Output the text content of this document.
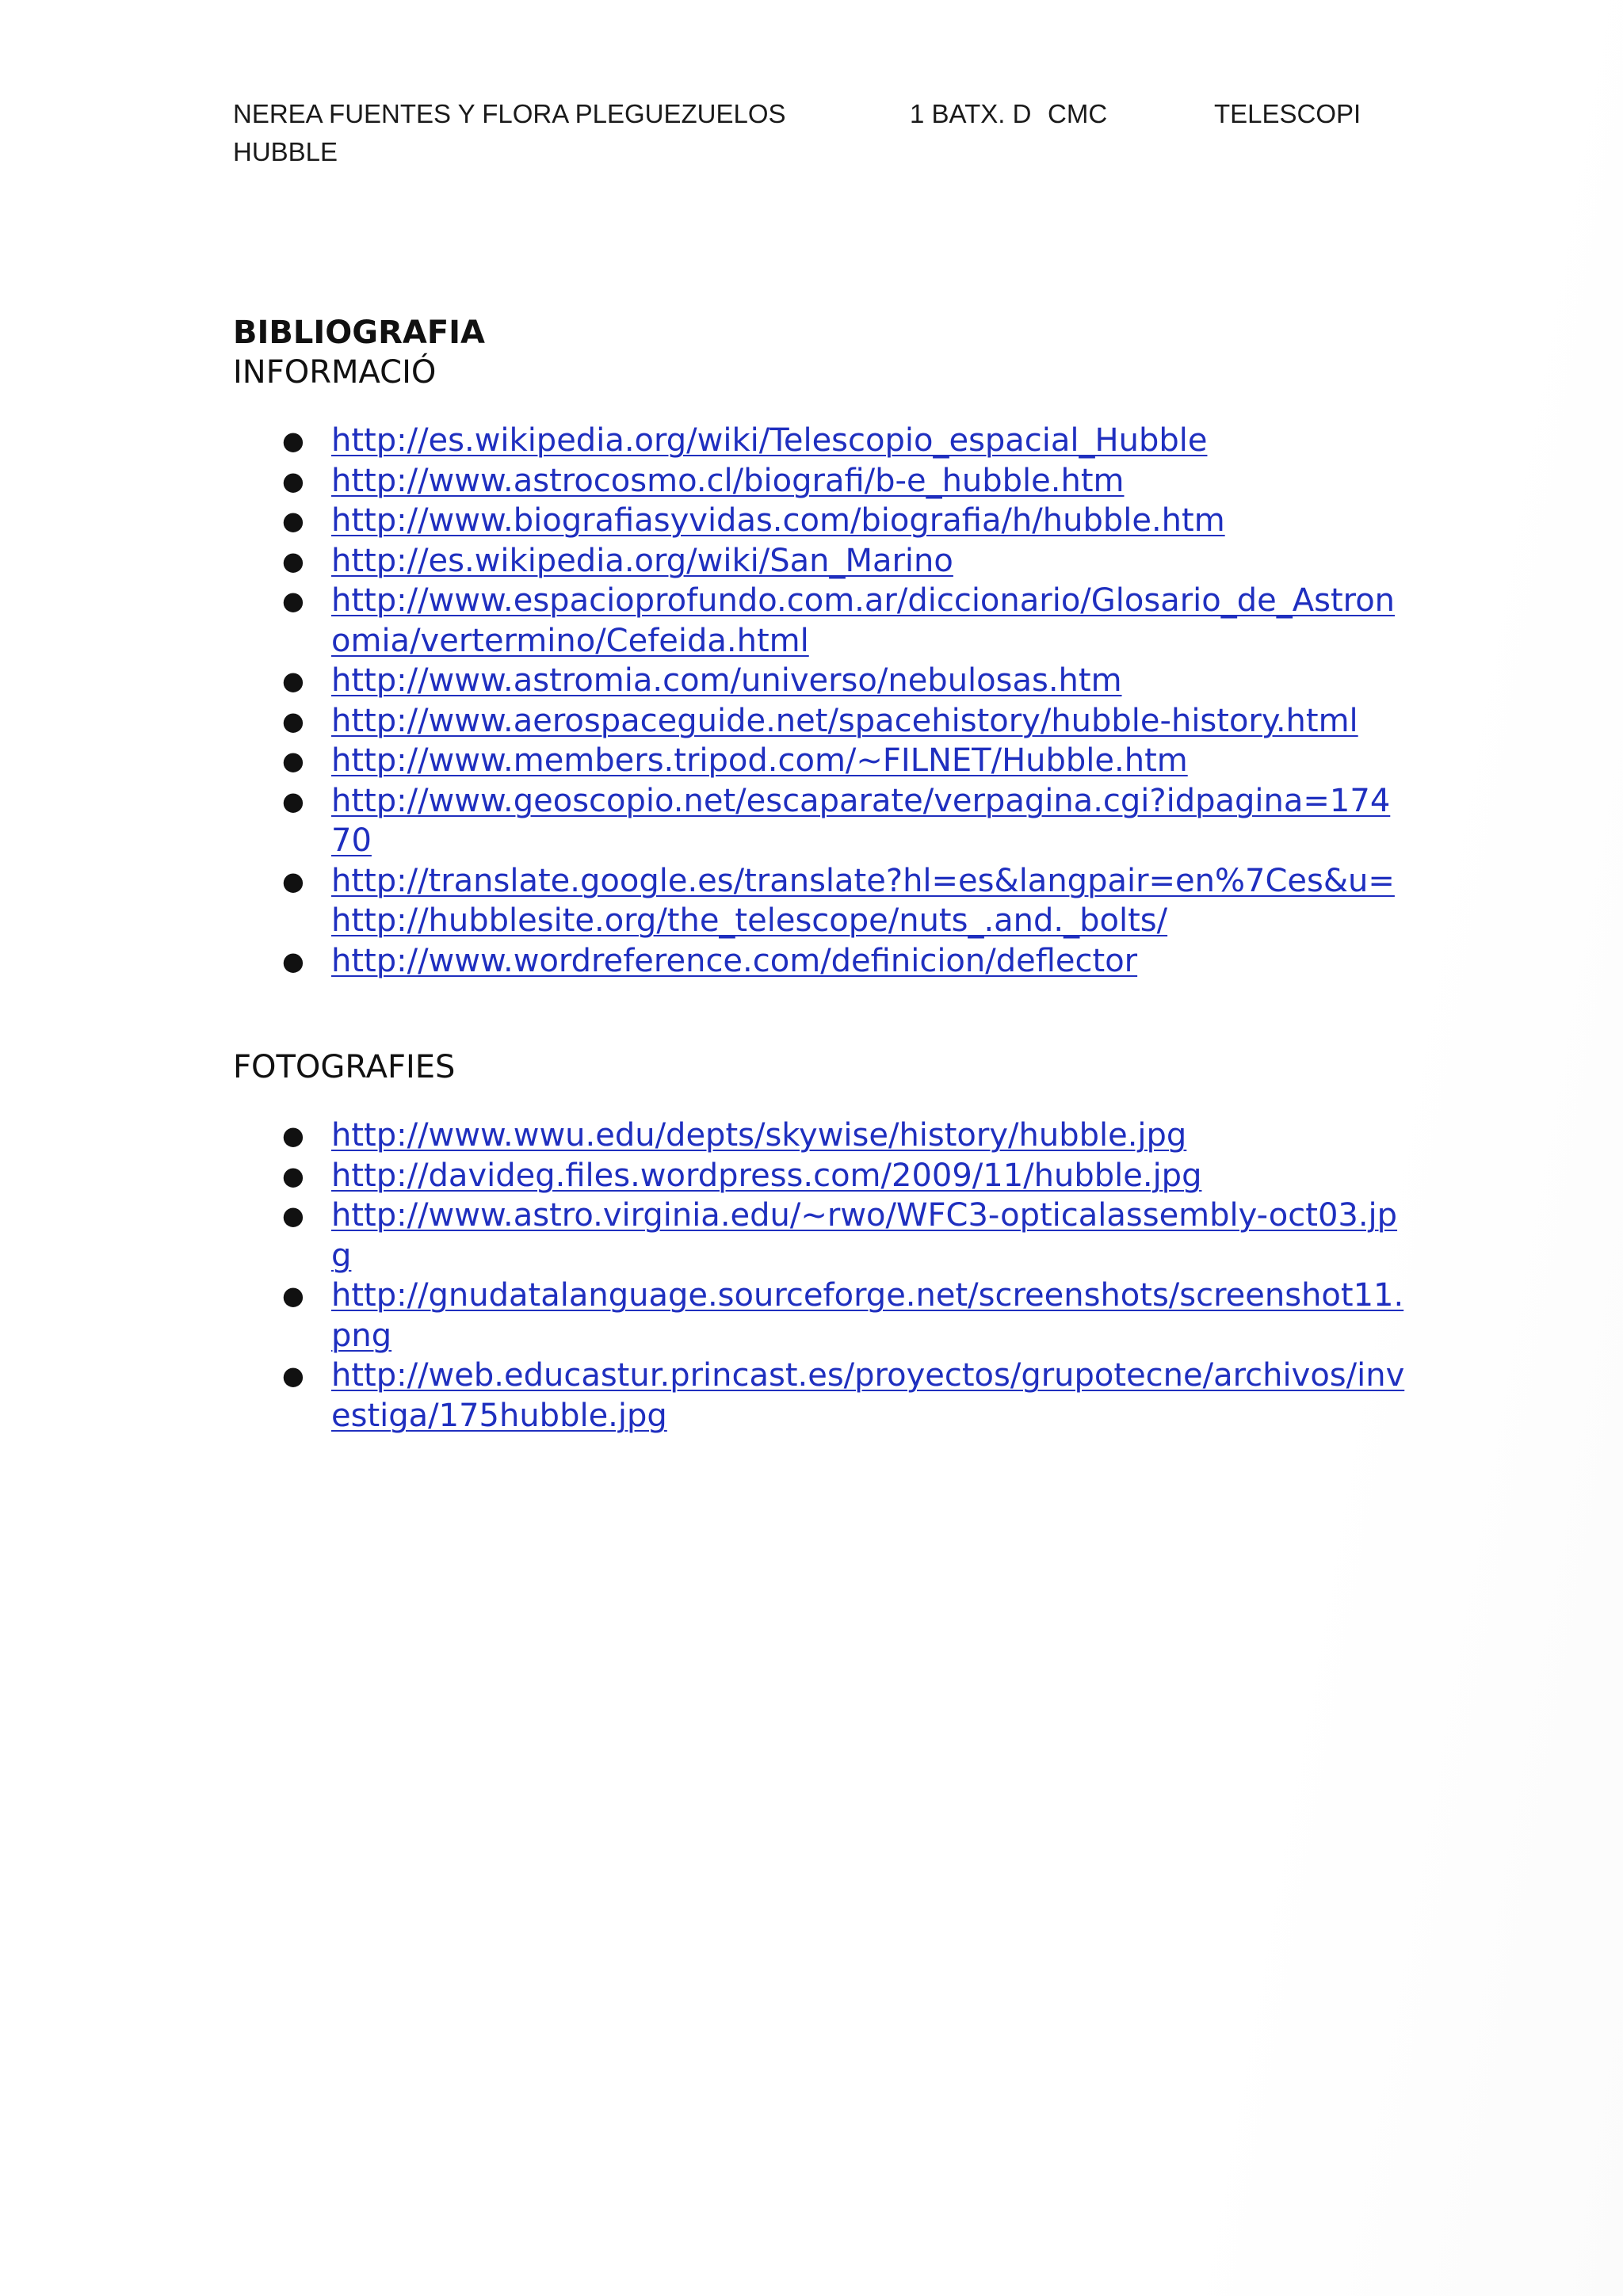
NEREA FUENTES Y FLORA PLEGUEZUELOS	1 BATX. D CMC	TELESCOPI
HUBBLE
BIBLIOGRAFIA
INFORMACIÓ
● http://es.wikipedia.org/wiki/Telescopio_espacial_Hubble
● http://www.astrocosmo.cl/biografi/b-e_hubble.htm
● http://www.biografiasyvidas.com/biografia/h/hubble.htm
● http://es.wikipedia.org/wiki/San_Marino
● http://www.espacioprofundo.com.ar/diccionario/Glosario_de_Astronomia/vertermino/Cefeida.html
● http://www.astromia.com/universo/nebulosas.htm
● http://www.aerospaceguide.net/spacehistory/hubble-history.html
● http://www.members.tripod.com/~FILNET/Hubble.htm
● http://www.geoscopio.net/escaparate/verpagina.cgi?idpagina=17470
● http://translate.google.es/translate?hl=es&langpair=en%7Ces&u=http://hubblesite.org/the_telescope/nuts_.and._bolts/
● http://www.wordreference.com/definicion/deflector
FOTOGRAFIES
● http://www.wwu.edu/depts/skywise/history/hubble.jpg
● http://davideg.files.wordpress.com/2009/11/hubble.jpg
● http://www.astro.virginia.edu/~rwo/WFC3-opticalassembly-oct03.jpg
● http://gnudatalanguage.sourceforge.net/screenshots/screenshot11.png
● http://web.educastur.princast.es/proyectos/grupotecne/archivos/investiga/175hubble.jpg
